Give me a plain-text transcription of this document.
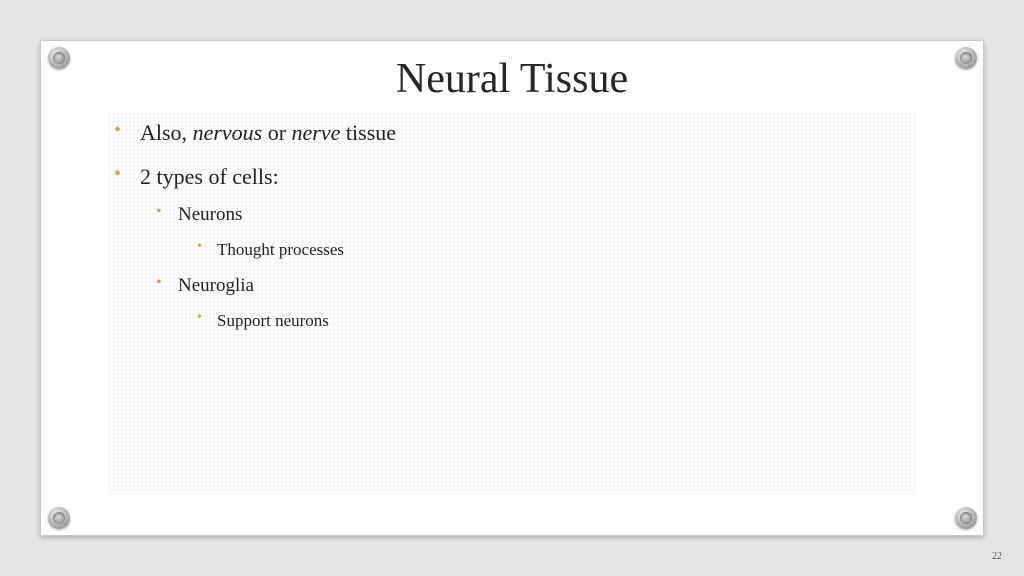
Neural Tissue
• Also, nervous or nerve tissue
• 2 types of cells:
• Neurons
• Thought processes
• Neuroglia
• Support neurons
22
